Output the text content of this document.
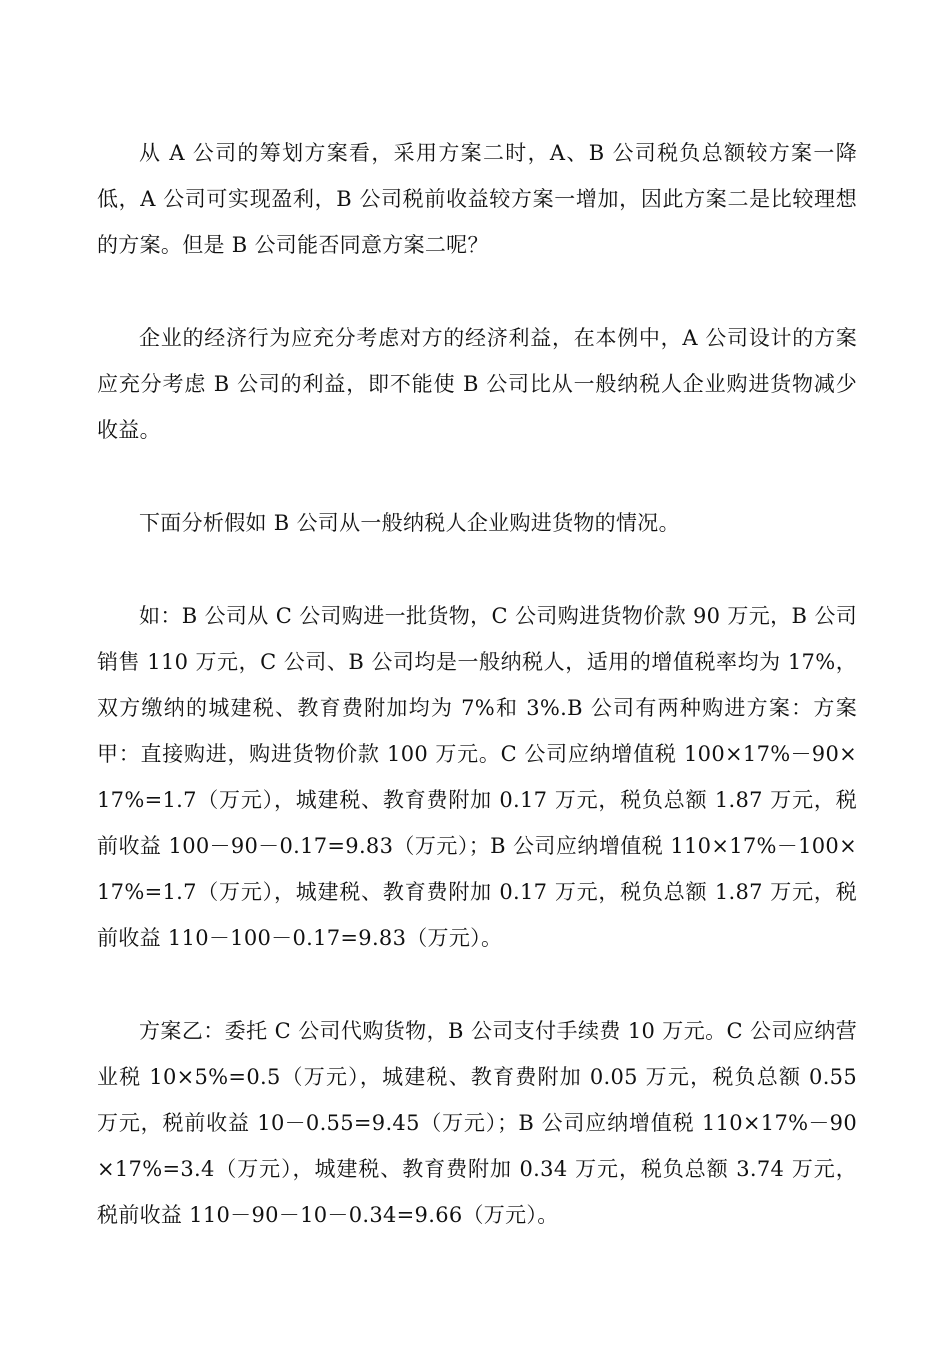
从 A 公司的筹划方案看，采用方案二时，A、B 公司税负总额较方案一降低，A 公司可实现盈利，B 公司税前收益较方案一增加，因此方案二是比较理想的方案。但是 B 公司能否同意方案二呢？

企业的经济行为应充分考虑对方的经济利益，在本例中，A 公司设计的方案应充分考虑 B 公司的利益，即不能使 B 公司比从一般纳税人企业购进货物减少收益。

下面分析假如 B 公司从一般纳税人企业购进货物的情况。

如：B 公司从 C 公司购进一批货物，C 公司购进货物价款 90 万元，B 公司销售 110 万元，C 公司、B 公司均是一般纳税人，适用的增值税率均为 17%，双方缴纳的城建税、教育费附加均为 7%和 3%.B 公司有两种购进方案：方案甲：直接购进，购进货物价款 100 万元。C 公司应纳增值税 100×17%－90×17%=1.7（万元），城建税、教育费附加 0.17 万元，税负总额 1.87 万元，税前收益 100－90－0.17=9.83（万元）；B 公司应纳增值税 110×17%－100×17%=1.7（万元），城建税、教育费附加 0.17 万元，税负总额 1.87 万元，税前收益 110－100－0.17=9.83（万元）。

方案乙：委托 C 公司代购货物，B 公司支付手续费 10 万元。C 公司应纳营业税 10×5%=0.5（万元），城建税、教育费附加 0.05 万元，税负总额 0.55 万元，税前收益 10－0.55=9.45（万元）；B 公司应纳增值税 110×17%－90×17%=3.4（万元），城建税、教育费附加 0.34 万元，税负总额 3.74 万元，税前收益 110－90－10－0.34=9.66（万元）。
